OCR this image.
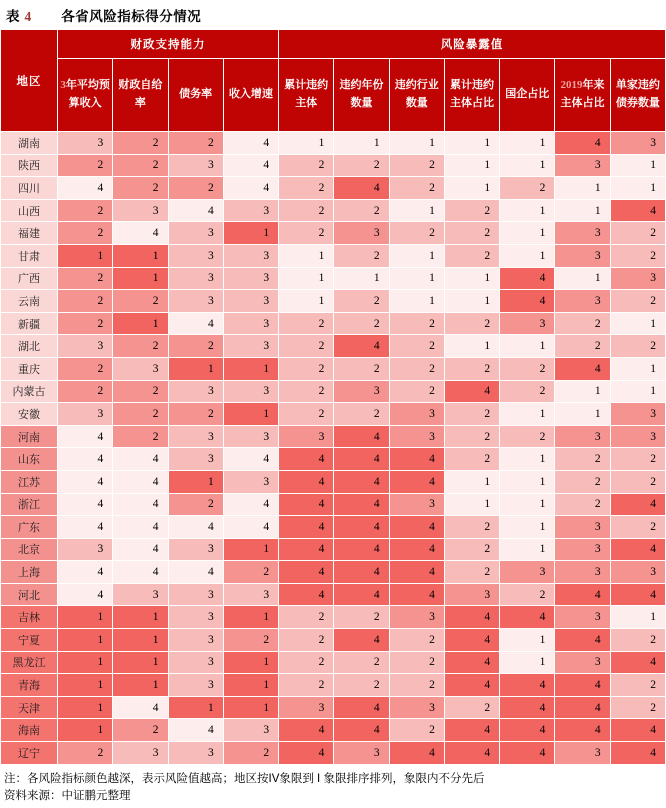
表 4 各省风险指标得分情况
地区	财政支持能力				风险暴露值						
	3年平均预算收入	财政自给率	债务率	收入增速	累计违约主体	违约年份数量	违约行业数量	累计违约主体占比	国企占比	2019年来主体占比	单家违约债券数量
湖南	3	2	2	4	1	1	1	1	1	4	3
陕西	2	2	3	4	2	2	2	1	1	3	1
四川	4	2	2	4	2	4	2	1	2	1	1
山西	2	3	4	3	2	2	1	2	1	1	4
福建	2	4	3	1	2	3	2	2	1	3	2
甘肃	1	1	3	3	1	2	1	2	1	3	2
广西	2	1	3	3	1	1	1	1	4	1	3
云南	2	2	3	3	1	2	1	1	4	3	2
新疆	2	1	4	3	2	2	2	2	3	2	1
湖北	3	2	2	3	2	4	2	1	1	2	2
重庆	2	3	1	1	2	2	2	2	2	4	1
内蒙古	2	2	3	3	2	3	2	4	2	1	1
安徽	3	2	2	1	2	2	3	2	1	1	3
河南	4	2	3	3	3	4	3	2	2	3	3
山东	4	4	3	4	4	4	4	2	1	2	2
江苏	4	4	1	3	4	4	4	1	1	2	2
浙江	4	4	2	4	4	4	3	1	1	2	4
广东	4	4	4	4	4	4	4	2	1	3	2
北京	3	4	3	1	4	4	4	2	1	3	4
上海	4	4	4	2	4	4	4	2	3	3	3
河北	4	3	3	3	4	4	4	3	2	4	4
吉林	1	1	3	1	2	2	3	4	4	3	1
宁夏	1	1	3	2	2	4	2	4	1	4	2
黑龙江	1	1	3	1	2	2	2	4	1	3	4
青海	1	1	3	1	2	2	2	4	4	4	2
天津	1	4	1	1	3	4	3	2	4	4	2
海南	1	2	4	3	4	4	2	4	4	4	4
辽宁	2	3	3	2	4	3	4	4	4	3	4
注：各风险指标颜色越深，表示风险值越高；地区按IV象限到 I 象限排序排列，象限内不分先后
资料来源：中证鹏元整理
